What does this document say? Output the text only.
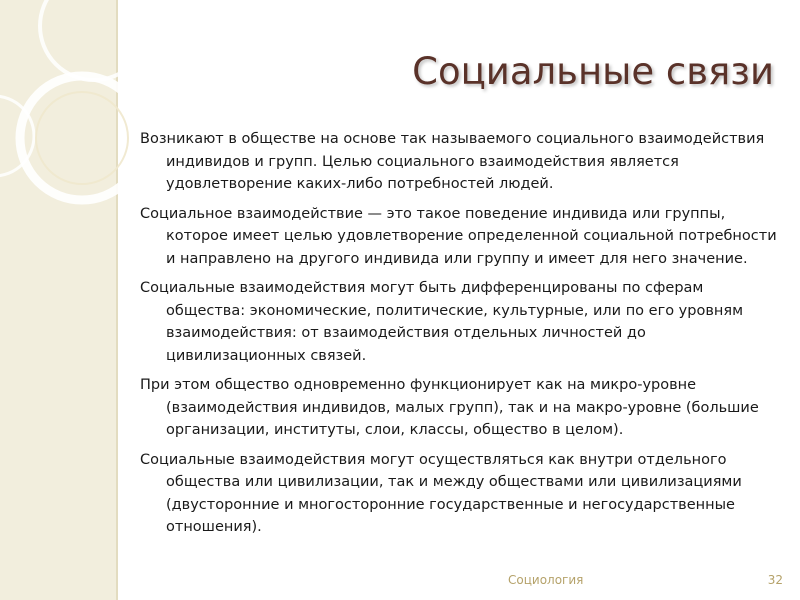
Социальные связи

Возникают в обществе на основе так называемого социального взаимодействия индивидов и групп. Целью социального взаимодействия является удовлетворение каких-либо потребностей людей.

Социальное взаимодействие — это такое поведение индивида или группы, которое имеет целью удовлетворение определенной социальной потребности и направлено на другого индивида или группу и имеет для него значение.

Социальные взаимодействия могут быть дифференцированы по сферам общества: экономические, политические, культурные, или по его уровням взаимодействия: от взаимодействия отдельных личностей до цивилизационных связей.

При этом общество одновременно функционирует как на микро-уровне (взаимодействия индивидов, малых групп), так и на макро-уровне (большие организации, институты, слои, классы, общество в целом).

Социальные взаимодействия могут осуществляться как внутри отдельного общества или цивилизации, так и между обществами или цивилизациями (двусторонние и многосторонние государственные и негосударственные отношения).

Социология	32
